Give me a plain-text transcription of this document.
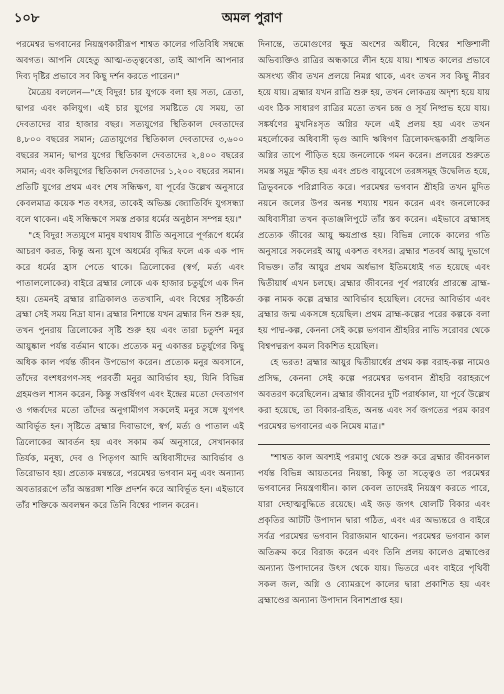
১০৮	অমল পুরাণ

পরমেশ্বর ভগবানের নিয়ন্ত্রণকারীরূপ শাশ্বত কালের গতিবিধি সম্বন্ধে অবগত। আপনি যেহেতু আত্ম-তত্ত্ববেত্তা, তাই আপনি আপনার দিব্য দৃষ্টির প্রভাবে সব কিছু দর্শন করতে পারেন।"

মৈত্রেয় বললেন—"হে বিদুর! চার যুগকে বলা হয় সত্য, ত্রেতা, দ্বাপর এবং কলিযুগ। এই চার যুগের সমষ্টিতে যে সময়, তা দেবতাদের বার হাজার বছর। সত্যযুগের স্থিতিকাল দেবতাদের ৪,৮০০ বছরের সমান; ত্রেতাযুগের স্থিতিকাল দেবতাদের ৩,৬০০ বছরের সমান; দ্বাপর যুগের স্থিতিকাল দেবতাদের ২,৪০০ বছরের সমান; এবং কলিযুগের স্থিতিকাল দেবতাদের ১,২০০ বছরের সমান। প্রতিটি যুগের প্রথম এবং শেষ সন্ধিক্ষণ, যা পূর্বের উল্লেখ অনুসারে কেবলমাত্র কয়েক শত বৎসর, তাকেই অভিজ্ঞ জ্যোতির্বিদ যুগসন্ধ্যা বলে থাকেন। এই সন্ধিক্ষণে সমস্ত প্রকার ধর্মের অনুষ্ঠান সম্পন্ন হয়।"

"হে বিদুর! সত্যযুগে মানুষ যথাযথ রীতি অনুসারে পূর্ণরূপে ধর্মের আচরণ করত, কিন্তু অন্য যুগে অধর্মের বৃদ্ধির ফলে এক এক পাদ করে ধর্মের হ্রাস পেতে থাকে। ত্রিলোকের (স্বর্গ, মর্ত্য এবং পাতাললোকের) বাইরে ব্রহ্মার লোকে এক হাজার চতুর্যুগে এক দিন হয়। তেমনই ব্রহ্মার রাত্রিকালও ততখানি, এবং বিশ্বের সৃষ্টিকর্তা ব্রহ্মা সেই সময় নিদ্রা যান। ব্রহ্মার নিশান্তে যখন ব্রহ্মার দিন শুরু হয়, তখন পুনরায় ত্রিলোকের সৃষ্টি শুরু হয় এবং তারা চতুর্দশ মনুর আয়ুষ্কাল পর্যন্ত বর্তমান থাকে। প্রত্যেক মনু একাত্তর চতুর্যুগের কিছু অধিক কাল পর্যন্ত জীবন উপভোগ করেন। প্রত্যেক মনুর অবসানে, তাঁদের বংশধরগণ-সহ পরবর্তী মনুর আবির্ভাব হয়, যিনি বিভিন্ন গ্রহমণ্ডল শাসন করেন, কিন্তু সপ্তর্ষিগণ এবং ইন্দ্রের মতো দেবতাগণ ও গন্ধর্বদের মতো তাঁদের অনুগামীগণ সকলেই মনুর সঙ্গে যুগপৎ আবির্ভূত হন। সৃষ্টিতে ব্রহ্মার দিবাভাগে, স্বর্গ, মর্ত্য ও পাতাল এই ত্রিলোকের আবর্তন হয় এবং সকাম কর্ম অনুসারে, সেখানকার তির্যক, মনুষ্য, দেব ও পিতৃগণ আদি অধিবাসীদের আবির্ভাব ও তিরোভাব হয়। প্রত্যেক মন্বন্তরে, পরমেশ্বর ভগবান মনু এবং অন্যান্য অবতাররূপে তাঁর অন্তরঙ্গা শক্তি প্রদর্শন করে আবির্ভূত হন। এইভাবে তাঁর শক্তিকে অবলম্বন করে তিনি বিশ্বের পালন করেন।

দিনান্তে, তমোগুণের ক্ষুদ্র অংশের অধীনে, বিশ্বের শক্তিশালী অভিব্যক্তিও রাত্রির অন্ধকারে লীন হয়ে যায়। শাশ্বত কালের প্রভাবে অসংখ্য জীব তখন প্রলয়ে নিমগ্ন থাকে, এবং তখন সব কিছু নীরব হয়ে যায়। ব্রহ্মার যখন রাত্রি শুরু হয়, তখন লোকত্রয় অদৃশ্য হয়ে যায় এবং ঠিক সাধারণ রাত্রির মতো তখন চন্দ্র ও সূর্য নিষ্প্রভ হয়ে যায়। সঙ্কর্ষণের মুখনিঃসৃত অগ্নির ফলে এই প্রলয় হয় এবং তখন মহর্লোকের অধিবাসী ভৃগু আদি ঋষিগণ ত্রিলোকদগ্ধকারী প্রজ্বলিত অগ্নির তাপে পীড়িত হয়ে জনলোকে গমন করেন। প্রলয়ের শুরুতে সমস্ত সমুদ্র স্ফীত হয় এবং প্রচণ্ড বায়ুবেগে তরঙ্গসমূহ উদ্বেলিত হয়ে, ত্রিভুবনকে পরিপ্লাবিত করে। পরমেশ্বর ভগবান শ্রীহরি তখন মুদিত নয়নে জলের উপর অনন্ত শয্যায় শয়ন করেন এবং জনলোকের অধিবাসীরা তখন কৃতাঞ্জলিপুটে তাঁর স্তব করেন। এইভাবে ব্রহ্মাসহ প্রত্যেক জীবের আয়ু ক্ষয়প্রাপ্ত হয়। বিভিন্ন লোকে কালের গতি অনুসারে সকলেরই আয়ু একশত বৎসর। ব্রহ্মার শতবর্ষ আয়ু দুভাগে বিভক্ত। তাঁর আয়ুর প্রথম অর্ধভাগ ইতিমধ্যেই গত হয়েছে এবং দ্বিতীয়ার্ধ এখন চলছে। ব্রহ্মার জীবনের পূর্ব পরার্ধের প্রারম্ভে ব্রাহ্ম-কল্প নামক কল্পে ব্রহ্মার আবির্ভাব হয়েছিল। বেদের আবির্ভাব এবং ব্রহ্মার জন্ম একসঙ্গে হয়েছিল। প্রথম ব্রাহ্ম-কল্পের পরের কল্পকে বলা হয় পাদ্ম-কল্প, কেননা সেই কল্পে ভগবান শ্রীহরির নাভি সরোবর থেকে বিশ্বপদ্মরূপ কমল বিকশিত হয়েছিল।

হে ভরত! ব্রহ্মার আয়ুর দ্বিতীয়ার্ধের প্রথম কল্প বরাহ-কল্প নামেও প্রসিদ্ধ, কেননা সেই কল্পে পরমেশ্বর ভগবান শ্রীহরি বরাহরূপে অবতরণ করেছিলেন। ব্রহ্মার জীবনের দুটি পরার্ধকাল, যা পূর্বে উল্লেখ করা হয়েছে, তা বিকার-রহিত, অনন্ত এবং সর্ব জগতের পরম কারণ পরমেশ্বর ভগবানের এক নিমেষ মাত্র।"

"শাশ্বত কাল অবশ্যই পরমাণু থেকে শুরু করে ব্রহ্মার জীবনকাল পর্যন্ত বিভিন্ন আয়তনের নিয়ন্তা, কিন্তু তা সত্ত্বেও তা পরমেশ্বর ভগবানের নিয়ন্ত্রণাধীন। কাল কেবল তাদেরই নিয়ন্ত্রণ করতে পারে, যারা দেহাত্মবুদ্ধিতে রয়েছে। এই জড় জগৎ ষোলটি বিকার এবং প্রকৃতির আটটি উপাদান দ্বারা গঠিত, এবং এর অভ্যন্তরে ও বাইরে সর্বত্র পরমেশ্বর ভগবান বিরাজমান থাকেন। পরমেশ্বর ভগবান কাল অতিক্রম করে বিরাজ করেন এবং তিনি প্রলয় কালেও ব্রহ্মাণ্ডের অন্যান্য উপাদানের উৎস থেকে যায়। ভিতরে এবং বাইরে পৃথিবী সকল জল, অগ্নি ও ব্যোমরূপে কালের দ্বারা প্রকাশিত হয় এবং ব্রহ্মাণ্ডের অন্যান্য উপাদান বিনাশপ্রাপ্ত হয়।
